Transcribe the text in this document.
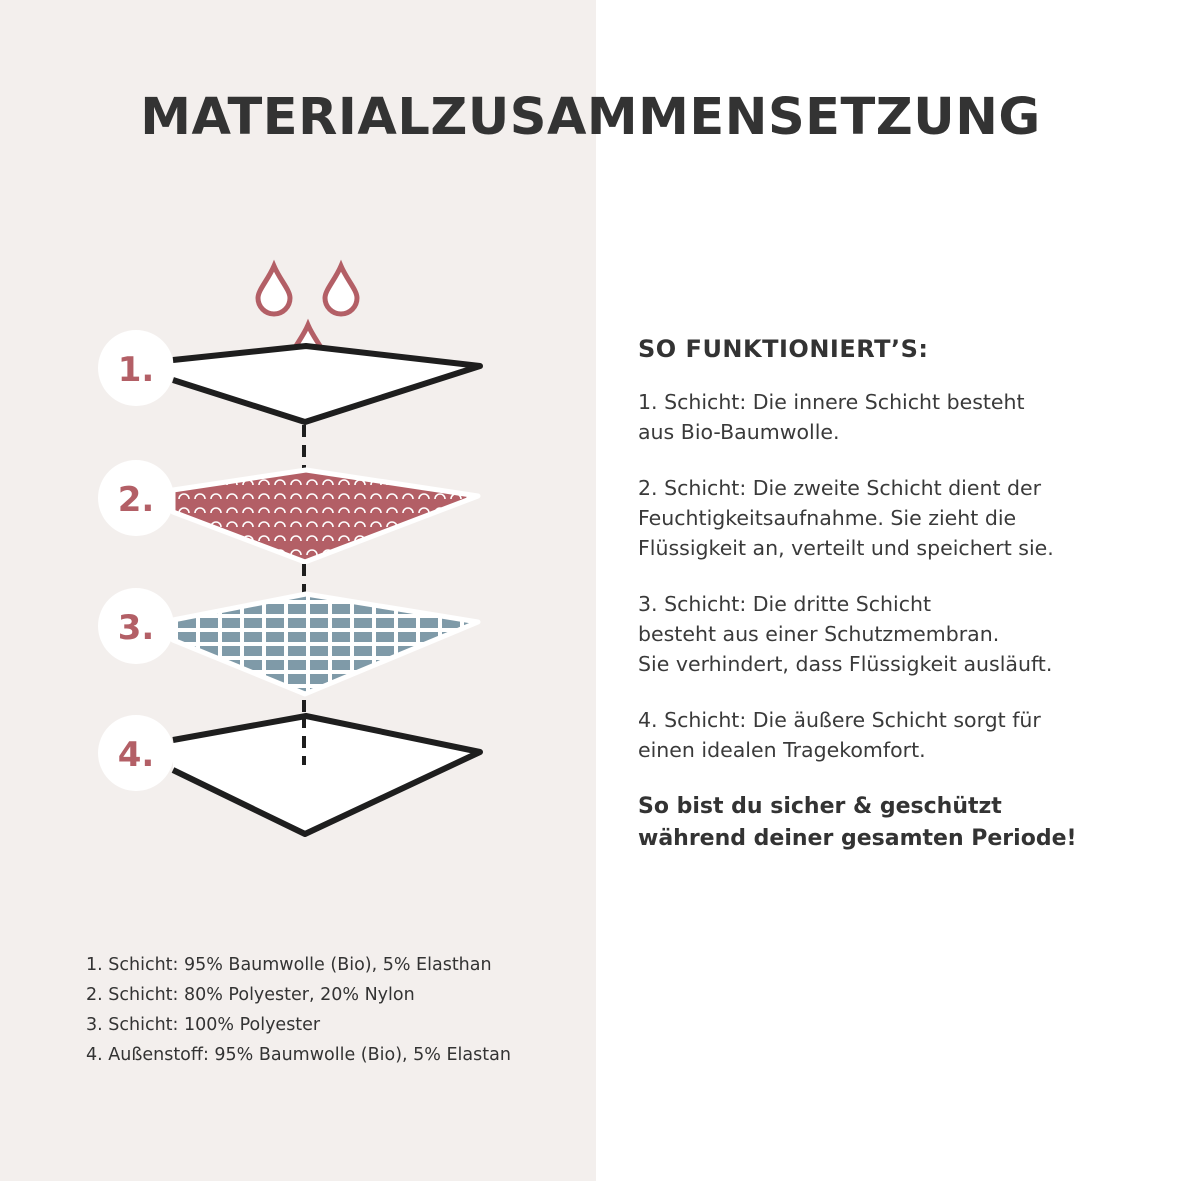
MATERIALZUSAMMENSETZUNG
1.
2.
3.
4.
SO FUNKTIONIERT’S:

1. Schicht: Die innere Schicht besteht
aus Bio-Baumwolle.

2. Schicht: Die zweite Schicht dient der
Feuchtigkeitsaufnahme. Sie zieht die
Flüssigkeit an, verteilt und speichert sie.

3. Schicht: Die dritte Schicht
besteht aus einer Schutzmembran.
Sie verhindert, dass Flüssigkeit ausläuft.

4. Schicht: Die äußere Schicht sorgt für
einen idealen Tragekomfort.

So bist du sicher & geschützt
während deiner gesamten Periode!

1. Schicht: 95% Baumwolle (Bio), 5% Elasthan
2. Schicht: 80% Polyester, 20% Nylon
3. Schicht: 100% Polyester
4. Außenstoff: 95% Baumwolle (Bio), 5% Elastan
